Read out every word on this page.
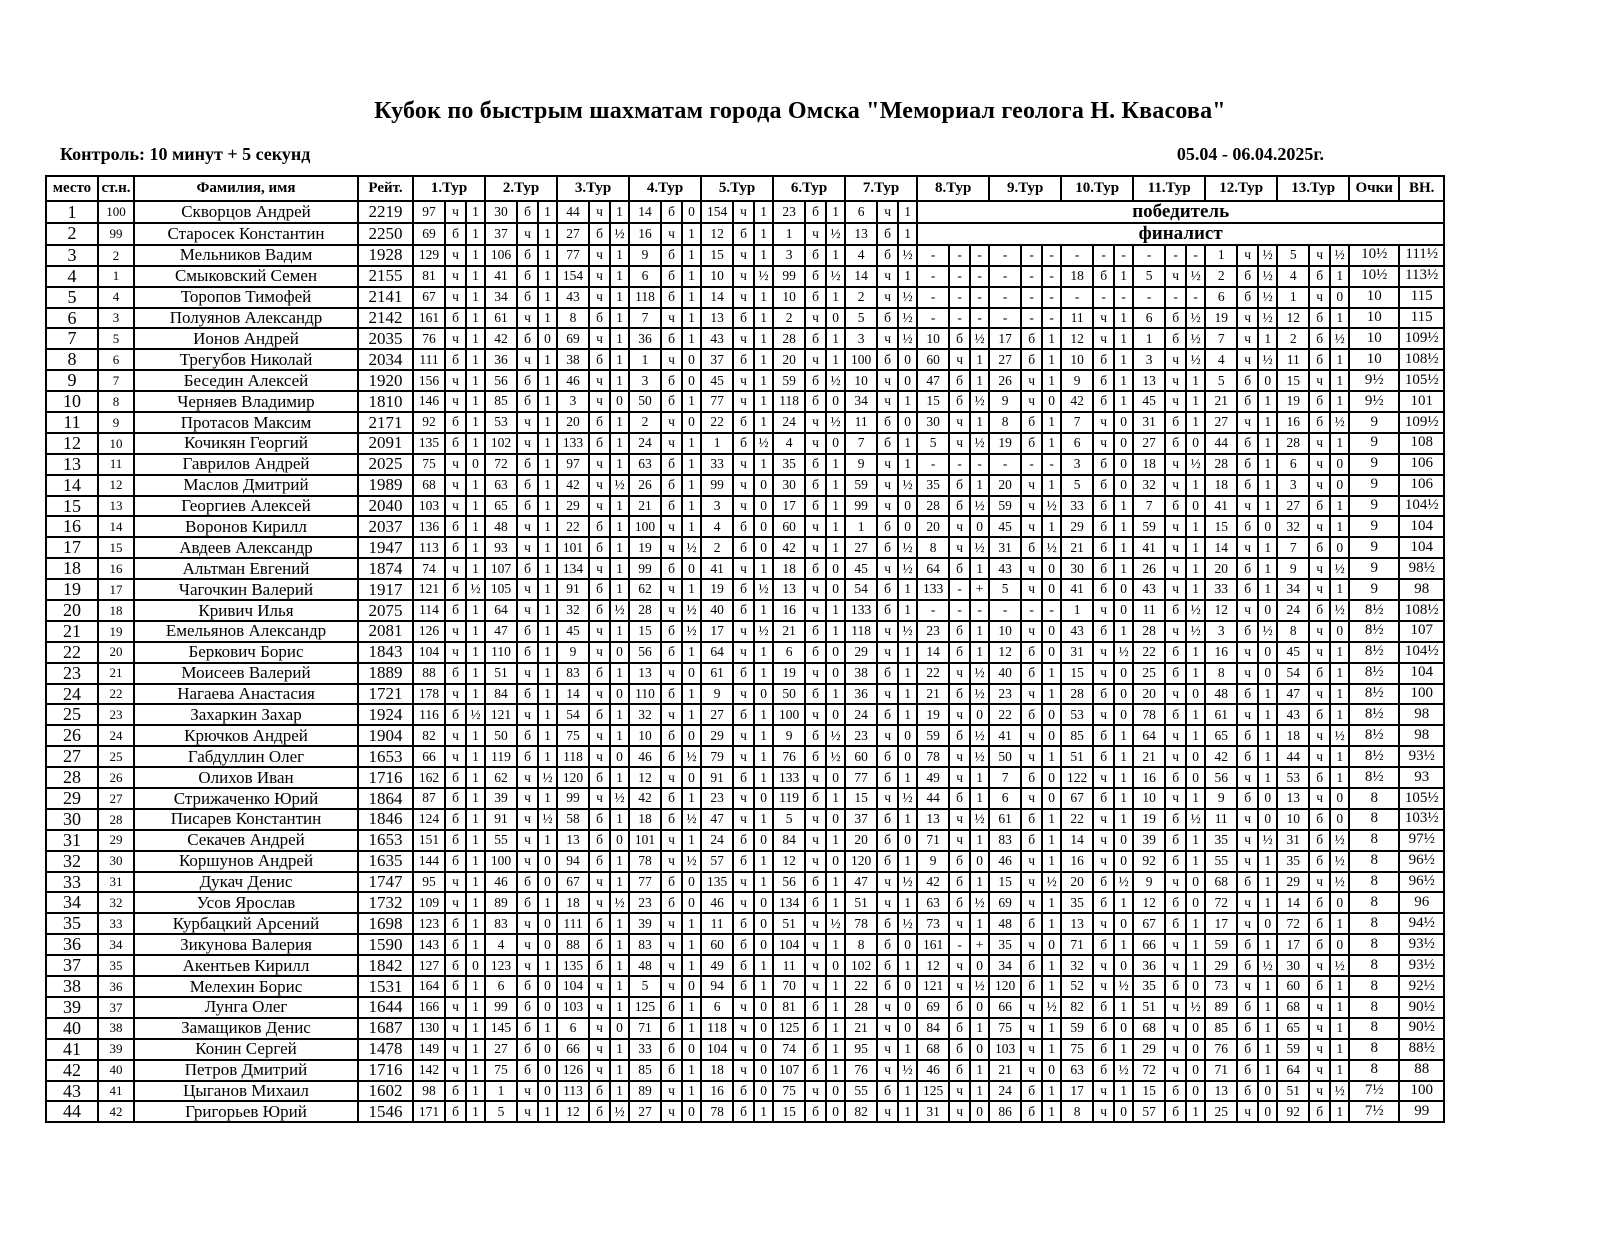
Кубок по быстрым шахматам города Омска "Мемориал геолога Н. Квасова"
Контроль: 10 минут + 5 секунд	05.04 - 06.04.2025г.
место	ст.н.	Фамилия, имя	Рейт.	1.Тур			2.Тур			3.Тур			4.Тур			5.Тур			6.Тур			7.Тур			8.Тур			9.Тур			10.Тур			11.Тур			12.Тур			13.Тур			Очки	ВН.
1	100	Скворцов Андрей	2219	97	ч	1	30	б	1	44	ч	1	14	б	0	154	ч	1	23	б	1	6	ч	1	победитель																			
2	99	Старосек Константин	2250	69	б	1	37	ч	1	27	б	½	16	ч	1	12	б	1	1	ч	½	13	б	1	финалист																			
3	2	Мельников Вадим	1928	129	ч	1	106	б	1	77	ч	1	9	б	1	15	ч	1	3	б	1	4	б	½	-	-	-	-	-	-	-	-	-	-	-	-	1	ч	½	5	ч	½	10½	111½
4	1	Смыковский Семен	2155	81	ч	1	41	б	1	154	ч	1	6	б	1	10	ч	½	99	б	½	14	ч	1	-	-	-	-	-	-	18	б	1	5	ч	½	2	б	½	4	б	1	10½	113½
5	4	Торопов Тимофей	2141	67	ч	1	34	б	1	43	ч	1	118	б	1	14	ч	1	10	б	1	2	ч	½	-	-	-	-	-	-	-	-	-	-	-	-	6	б	½	1	ч	0	10	115
6	3	Полуянов Александр	2142	161	б	1	61	ч	1	8	б	1	7	ч	1	13	б	1	2	ч	0	5	б	½	-	-	-	-	-	-	11	ч	1	6	б	½	19	ч	½	12	б	1	10	115
7	5	Ионов Андрей	2035	76	ч	1	42	б	0	69	ч	1	36	б	1	43	ч	1	28	б	1	3	ч	½	10	б	½	17	б	1	12	ч	1	1	б	½	7	ч	1	2	б	½	10	109½
8	6	Трегубов Николай	2034	111	б	1	36	ч	1	38	б	1	1	ч	0	37	б	1	20	ч	1	100	б	0	60	ч	1	27	б	1	10	б	1	3	ч	½	4	ч	½	11	б	1	10	108½
9	7	Беседин Алексей	1920	156	ч	1	56	б	1	46	ч	1	3	б	0	45	ч	1	59	б	½	10	ч	0	47	б	1	26	ч	1	9	б	1	13	ч	1	5	б	0	15	ч	1	9½	105½
10	8	Черняев Владимир	1810	146	ч	1	85	б	1	3	ч	0	50	б	1	77	ч	1	118	б	0	34	ч	1	15	б	½	9	ч	0	42	б	1	45	ч	1	21	б	1	19	б	1	9½	101
11	9	Протасов Максим	2171	92	б	1	53	ч	1	20	б	1	2	ч	0	22	б	1	24	ч	½	11	б	0	30	ч	1	8	б	1	7	ч	0	31	б	1	27	ч	1	16	б	½	9	109½
12	10	Кочикян Георгий	2091	135	б	1	102	ч	1	133	б	1	24	ч	1	1	б	½	4	ч	0	7	б	1	5	ч	½	19	б	1	6	ч	0	27	б	0	44	б	1	28	ч	1	9	108
13	11	Гаврилов Андрей	2025	75	ч	0	72	б	1	97	ч	1	63	б	1	33	ч	1	35	б	1	9	ч	1	-	-	-	-	-	-	3	б	0	18	ч	½	28	б	1	6	ч	0	9	106
14	12	Маслов Дмитрий	1989	68	ч	1	63	б	1	42	ч	½	26	б	1	99	ч	0	30	б	1	59	ч	½	35	б	1	20	ч	1	5	б	0	32	ч	1	18	б	1	3	ч	0	9	106
15	13	Георгиев Алексей	2040	103	ч	1	65	б	1	29	ч	1	21	б	1	3	ч	0	17	б	1	99	ч	0	28	б	½	59	ч	½	33	б	1	7	б	0	41	ч	1	27	б	1	9	104½
16	14	Воронов Кирилл	2037	136	б	1	48	ч	1	22	б	1	100	ч	1	4	б	0	60	ч	1	1	б	0	20	ч	0	45	ч	1	29	б	1	59	ч	1	15	б	0	32	ч	1	9	104
17	15	Авдеев Александр	1947	113	б	1	93	ч	1	101	б	1	19	ч	½	2	б	0	42	ч	1	27	б	½	8	ч	½	31	б	½	21	б	1	41	ч	1	14	ч	1	7	б	0	9	104
18	16	Альтман Евгений	1874	74	ч	1	107	б	1	134	ч	1	99	б	0	41	ч	1	18	б	0	45	ч	½	64	б	1	43	ч	0	30	б	1	26	ч	1	20	б	1	9	ч	½	9	98½
19	17	Чагочкин Валерий	1917	121	б	½	105	ч	1	91	б	1	62	ч	1	19	б	½	13	ч	0	54	б	1	133	-	+	5	ч	0	41	б	0	43	ч	1	33	б	1	34	ч	1	9	98
20	18	Кривич Илья	2075	114	б	1	64	ч	1	32	б	½	28	ч	½	40	б	1	16	ч	1	133	б	1	-	-	-	-	-	-	1	ч	0	11	б	½	12	ч	0	24	б	½	8½	108½
21	19	Емельянов Александр	2081	126	ч	1	47	б	1	45	ч	1	15	б	½	17	ч	½	21	б	1	118	ч	½	23	б	1	10	ч	0	43	б	1	28	ч	½	3	б	½	8	ч	0	8½	107
22	20	Беркович Борис	1843	104	ч	1	110	б	1	9	ч	0	56	б	1	64	ч	1	6	б	0	29	ч	1	14	б	1	12	б	0	31	ч	½	22	б	1	16	ч	0	45	ч	1	8½	104½
23	21	Моисеев Валерий	1889	88	б	1	51	ч	1	83	б	1	13	ч	0	61	б	1	19	ч	0	38	б	1	22	ч	½	40	б	1	15	ч	0	25	б	1	8	ч	0	54	б	1	8½	104
24	22	Нагаева Анастасия	1721	178	ч	1	84	б	1	14	ч	0	110	б	1	9	ч	0	50	б	1	36	ч	1	21	б	½	23	ч	1	28	б	0	20	ч	0	48	б	1	47	ч	1	8½	100
25	23	Захаркин Захар	1924	116	б	½	121	ч	1	54	б	1	32	ч	1	27	б	1	100	ч	0	24	б	1	19	ч	0	22	б	0	53	ч	0	78	б	1	61	ч	1	43	б	1	8½	98
26	24	Крючков Андрей	1904	82	ч	1	50	б	1	75	ч	1	10	б	0	29	ч	1	9	б	½	23	ч	0	59	б	½	41	ч	0	85	б	1	64	ч	1	65	б	1	18	ч	½	8½	98
27	25	Габдуллин Олег	1653	66	ч	1	119	б	1	118	ч	0	46	б	½	79	ч	1	76	б	½	60	б	0	78	ч	½	50	ч	1	51	б	1	21	ч	0	42	б	1	44	ч	1	8½	93½
28	26	Олихов Иван	1716	162	б	1	62	ч	½	120	б	1	12	ч	0	91	б	1	133	ч	0	77	б	1	49	ч	1	7	б	0	122	ч	1	16	б	0	56	ч	1	53	б	1	8½	93
29	27	Стрижаченко Юрий	1864	87	б	1	39	ч	1	99	ч	½	42	б	1	23	ч	0	119	б	1	15	ч	½	44	б	1	6	ч	0	67	б	1	10	ч	1	9	б	0	13	ч	0	8	105½
30	28	Писарев Константин	1846	124	б	1	91	ч	½	58	б	1	18	б	½	47	ч	1	5	ч	0	37	б	1	13	ч	½	61	б	1	22	ч	1	19	б	½	11	ч	0	10	б	0	8	103½
31	29	Секачев Андрей	1653	151	б	1	55	ч	1	13	б	0	101	ч	1	24	б	0	84	ч	1	20	б	0	71	ч	1	83	б	1	14	ч	0	39	б	1	35	ч	½	31	б	½	8	97½
32	30	Коршунов Андрей	1635	144	б	1	100	ч	0	94	б	1	78	ч	½	57	б	1	12	ч	0	120	б	1	9	б	0	46	ч	1	16	ч	0	92	б	1	55	ч	1	35	б	½	8	96½
33	31	Дукач Денис	1747	95	ч	1	46	б	0	67	ч	1	77	б	0	135	ч	1	56	б	1	47	ч	½	42	б	1	15	ч	½	20	б	½	9	ч	0	68	б	1	29	ч	½	8	96½
34	32	Усов Ярослав	1732	109	ч	1	89	б	1	18	ч	½	23	б	0	46	ч	0	134	б	1	51	ч	1	63	б	½	69	ч	1	35	б	1	12	б	0	72	ч	1	14	б	0	8	96
35	33	Курбацкий Арсений	1698	123	б	1	83	ч	0	111	б	1	39	ч	1	11	б	0	51	ч	½	78	б	½	73	ч	1	48	б	1	13	ч	0	67	б	1	17	ч	0	72	б	1	8	94½
36	34	Зикунова Валерия	1590	143	б	1	4	ч	0	88	б	1	83	ч	1	60	б	0	104	ч	1	8	б	0	161	-	+	35	ч	0	71	б	1	66	ч	1	59	б	1	17	б	0	8	93½
37	35	Акентьев Кирилл	1842	127	б	0	123	ч	1	135	б	1	48	ч	1	49	б	1	11	ч	0	102	б	1	12	ч	0	34	б	1	32	ч	0	36	ч	1	29	б	½	30	ч	½	8	93½
38	36	Мелехин Борис	1531	164	б	1	6	б	0	104	ч	1	5	ч	0	94	б	1	70	ч	1	22	б	0	121	ч	½	120	б	1	52	ч	½	35	б	0	73	ч	1	60	б	1	8	92½
39	37	Лунга Олег	1644	166	ч	1	99	б	0	103	ч	1	125	б	1	6	ч	0	81	б	1	28	ч	0	69	б	0	66	ч	½	82	б	1	51	ч	½	89	б	1	68	ч	1	8	90½
40	38	Замащиков Денис	1687	130	ч	1	145	б	1	6	ч	0	71	б	1	118	ч	0	125	б	1	21	ч	0	84	б	1	75	ч	1	59	б	0	68	ч	0	85	б	1	65	ч	1	8	90½
41	39	Конин Сергей	1478	149	ч	1	27	б	0	66	ч	1	33	б	0	104	ч	0	74	б	1	95	ч	1	68	б	0	103	ч	1	75	б	1	29	ч	0	76	б	1	59	ч	1	8	88½
42	40	Петров Дмитрий	1716	142	ч	1	75	б	0	126	ч	1	85	б	1	18	ч	0	107	б	1	76	ч	½	46	б	1	21	ч	0	63	б	½	72	ч	0	71	б	1	64	ч	1	8	88
43	41	Цыганов Михаил	1602	98	б	1	1	ч	0	113	б	1	89	ч	1	16	б	0	75	ч	0	55	б	1	125	ч	1	24	б	1	17	ч	1	15	б	0	13	б	0	51	ч	½	7½	100
44	42	Григорьев Юрий	1546	171	б	1	5	ч	1	12	б	½	27	ч	0	78	б	1	15	б	0	82	ч	1	31	ч	0	86	б	1	8	ч	0	57	б	1	25	ч	0	92	б	1	7½	99
